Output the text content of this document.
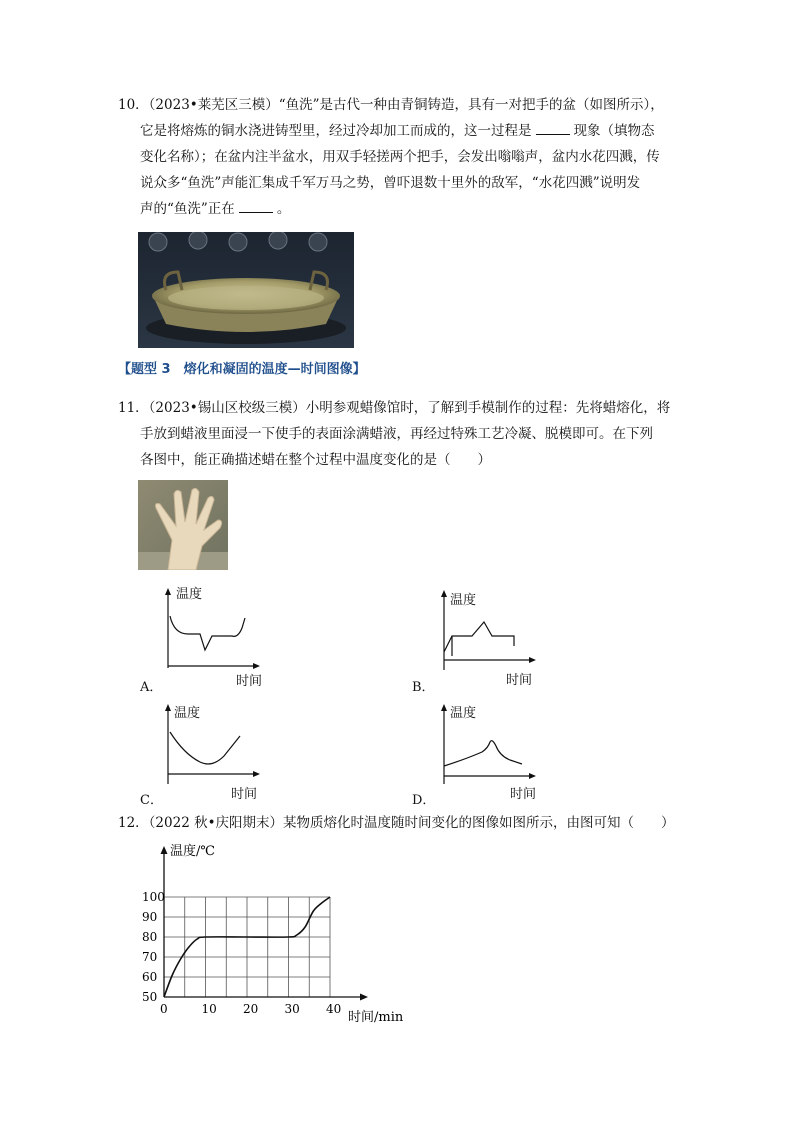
10．（2023•莱芜区三模）“鱼洗”是古代一种由青铜铸造，具有一对把手的盆（如图所示），
它是将熔炼的铜水浇进铸型里，经过冷却加工而成的，这一过程是	现象（填物态
变化名称）；在盆内注半盆水，用双手轻搓两个把手，会发出嗡嗡声，盆内水花四溅，传
说众多“鱼洗”声能汇集成千军万马之势，曾吓退数十里外的敌军，“水花四溅”说明发
声的“鱼洗”正在	。
【题型 3　熔化和凝固的温度—时间图像】
11．（2023•锡山区校级三模）小明参观蜡像馆时，了解到手模制作的过程：先将蜡熔化，将
手放到蜡液里面浸一下使手的表面涂满蜡液，再经过特殊工艺冷凝、脱模即可。在下列
各图中，能正确描述蜡在整个过程中温度变化的是（　　）
温度
时间
A．
温度
时间
B．
温度
时间
C．
温度
时间
D．
12．（2022 秋•庆阳期末）某物质熔化时温度随时间变化的图像如图所示，由图可知（　　）
0	10 20 30 40
50
60
70
80
90
100
温度/℃
时间/min
